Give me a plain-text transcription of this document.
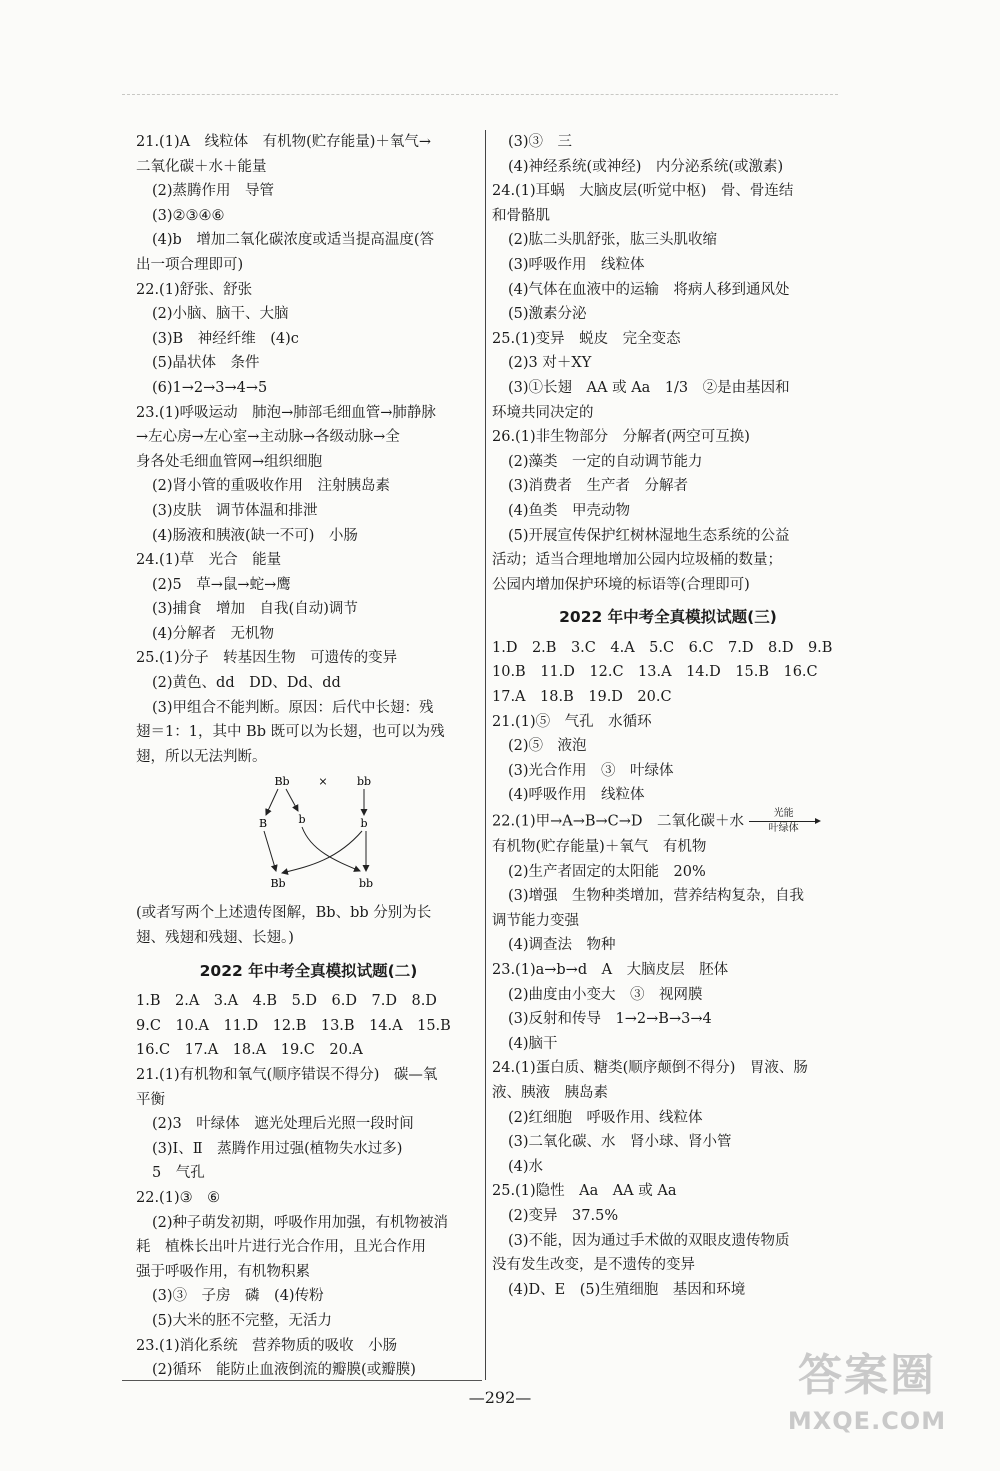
21.(1)A　线粒体　有机物(贮存能量)＋氧气→
二氧化碳＋水＋能量
(2)蒸腾作用　导管
(3)②③④⑥
(4)b　增加二氧化碳浓度或适当提高温度(答
出一项合理即可)
22.(1)舒张、舒张
(2)小脑、脑干、大脑
(3)B　神经纤维　(4)c
(5)晶状体　条件
(6)1→2→3→4→5
23.(1)呼吸运动　肺泡→肺部毛细血管→肺静脉
→左心房→左心室→主动脉→各级动脉→全
身各处毛细血管网→组织细胞
(2)肾小管的重吸收作用　注射胰岛素
(3)皮肤　调节体温和排泄
(4)肠液和胰液(缺一不可)　小肠
24.(1)草　光合　能量
(2)5　草→鼠→蛇→鹰
(3)捕食　增加　自我(自动)调节
(4)分解者　无机物
25.(1)分子　转基因生物　可遗传的变异
(2)黄色、dd　DD、Dd、dd
(3)甲组合不能判断。原因：后代中长翅：残
翅＝1：1，其中 Bb 既可以为长翅，也可以为残
翅，所以无法判断。
Bb	×	bb
B	b	b
Bb	bb
(或者写两个上述遗传图解，Bb、bb 分别为长
翅、残翅和残翅、长翅。)
2022 年中考全真模拟试题(二)
1.B　2.A　3.A　4.B　5.D　6.D　7.D　8.D
9.C　10.A　11.D　12.B　13.B　14.A　15.B
16.C　17.A　18.A　19.C　20.A
21.(1)有机物和氧气(顺序错误不得分)　碳—氧
平衡
(2)3　叶绿体　遮光处理后光照一段时间
(3)Ⅰ、Ⅱ　蒸腾作用过强(植物失水过多)
5　气孔
22.(1)③　⑥
(2)种子萌发初期，呼吸作用加强，有机物被消
耗　植株长出叶片进行光合作用，且光合作用
强于呼吸作用，有机物积累
(3)③　子房　磷　(4)传粉
(5)大米的胚不完整，无活力
23.(1)消化系统　营养物质的吸收　小肠
(2)循环　能防止血液倒流的瓣膜(或瓣膜)
(3)③　三
(4)神经系统(或神经)　内分泌系统(或激素)
24.(1)耳蜗　大脑皮层(听觉中枢)　骨、骨连结
和骨骼肌
(2)肱二头肌舒张，肱三头肌收缩
(3)呼吸作用　线粒体
(4)气体在血液中的运输　将病人移到通风处
(5)激素分泌
25.(1)变异　蜕皮　完全变态
(2)3 对＋XY
(3)①长翅　AA 或 Aa　1/3　②是由基因和
环境共同决定的
26.(1)非生物部分　分解者(两空可互换)
(2)藻类　一定的自动调节能力
(3)消费者　生产者　分解者
(4)鱼类　甲壳动物
(5)开展宣传保护红树林湿地生态系统的公益
活动；适当合理地增加公园内垃圾桶的数量；
公园内增加保护环境的标语等(合理即可)
2022 年中考全真模拟试题(三)
1.D　2.B　3.C　4.A　5.C　6.C　7.D　8.D　9.B
10.B　11.D　12.C　13.A　14.D　15.B　16.C
17.A　18.B　19.D　20.C
21.(1)⑤　气孔　水循环
(2)⑤　液泡
(3)光合作用　③　叶绿体
(4)呼吸作用　线粒体
22.(1)甲→A→B→C→D　二氧化碳＋水	光能
叶绿体
有机物(贮存能量)＋氧气　有机物
(2)生产者固定的太阳能　20%
(3)增强　生物种类增加，营养结构复杂，自我
调节能力变强
(4)调查法　物种
23.(1)a→b→d　A　大脑皮层　胚体
(2)曲度由小变大　③　视网膜
(3)反射和传导　1→2→B→3→4
(4)脑干
24.(1)蛋白质、糖类(顺序颠倒不得分)　胃液、肠
液、胰液　胰岛素
(2)红细胞　呼吸作用、线粒体
(3)二氧化碳、水　肾小球、肾小管
(4)水
25.(1)隐性　Aa　AA 或 Aa
(2)变异　37.5%
(3)不能，因为通过手术做的双眼皮遗传物质
没有发生改变，是不遗传的变异
(4)D、E　(5)生殖细胞　基因和环境
—292—	答案圈
MXQE.COM
